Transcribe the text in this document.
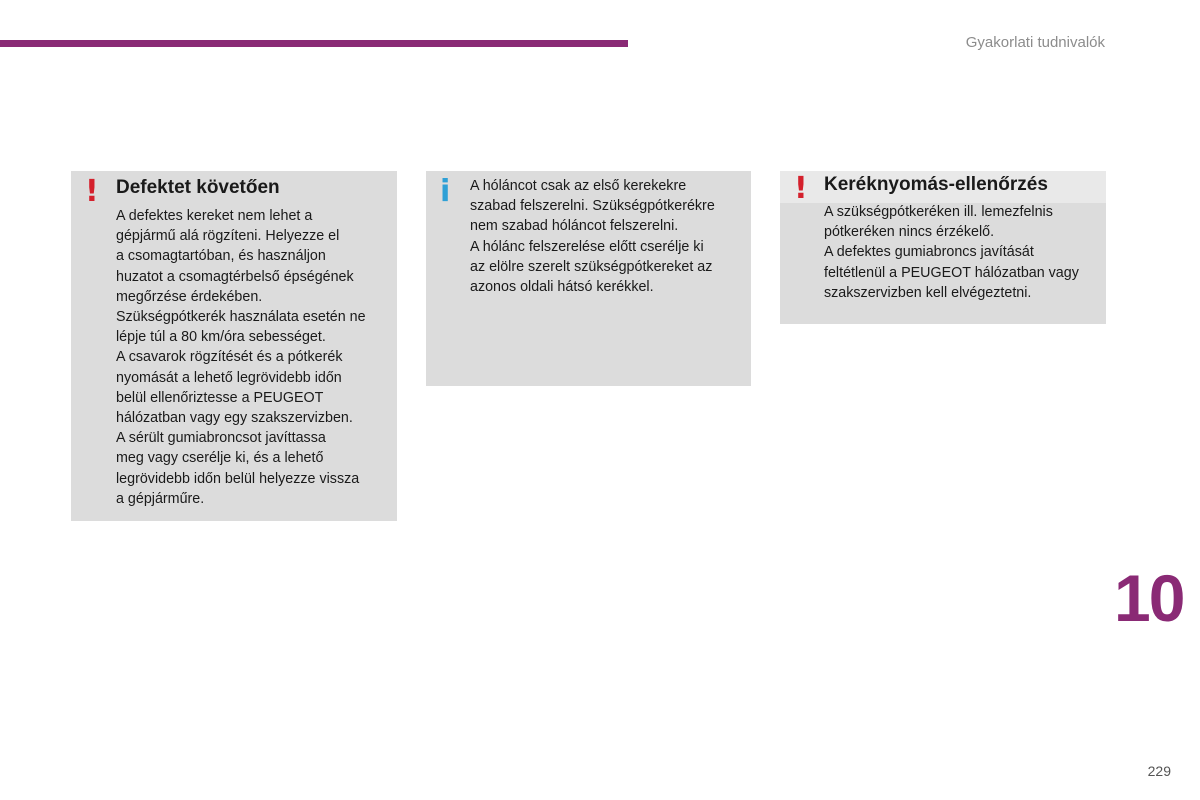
Gyakorlati tudnivalók
! Defektet követően

A defektes kereket nem lehet a

gépjármű alá rögzíteni. Helyezze el

a csomagtartóban, és használjon

huzatot a csomagtérbelső épségének

megőrzése érdekében.

Szükségpótkerék használata esetén ne

lépje túl a 80 km/óra sebességet.

A csavarok rögzítését és a pótkerék

nyomását a lehető legrövidebb időn

belül ellenőriztesse a PEUGEOT

hálózatban vagy egy szakszervizben.

A sérült gumiabroncsot javíttassa

meg vagy cserélje ki, és a lehető

legrövidebb időn belül helyezze vissza

a gépjárműre.

i A hóláncot csak az első kerekekre

szabad felszerelni. Szükségpótkerékre

nem szabad hóláncot felszerelni.

A hólánc felszerelése előtt cserélje ki

az elölre szerelt szükségpótkereket az

azonos oldali hátsó kerékkel.

! Keréknyomás-ellenőrzés

A szükségpótkeréken ill. lemezfelnis

pótkeréken nincs érzékelő.

A defektes gumiabroncs javítását

feltétlenül a PEUGEOT hálózatban vagy

szakszervizben kell elvégeztetni.

10
229
